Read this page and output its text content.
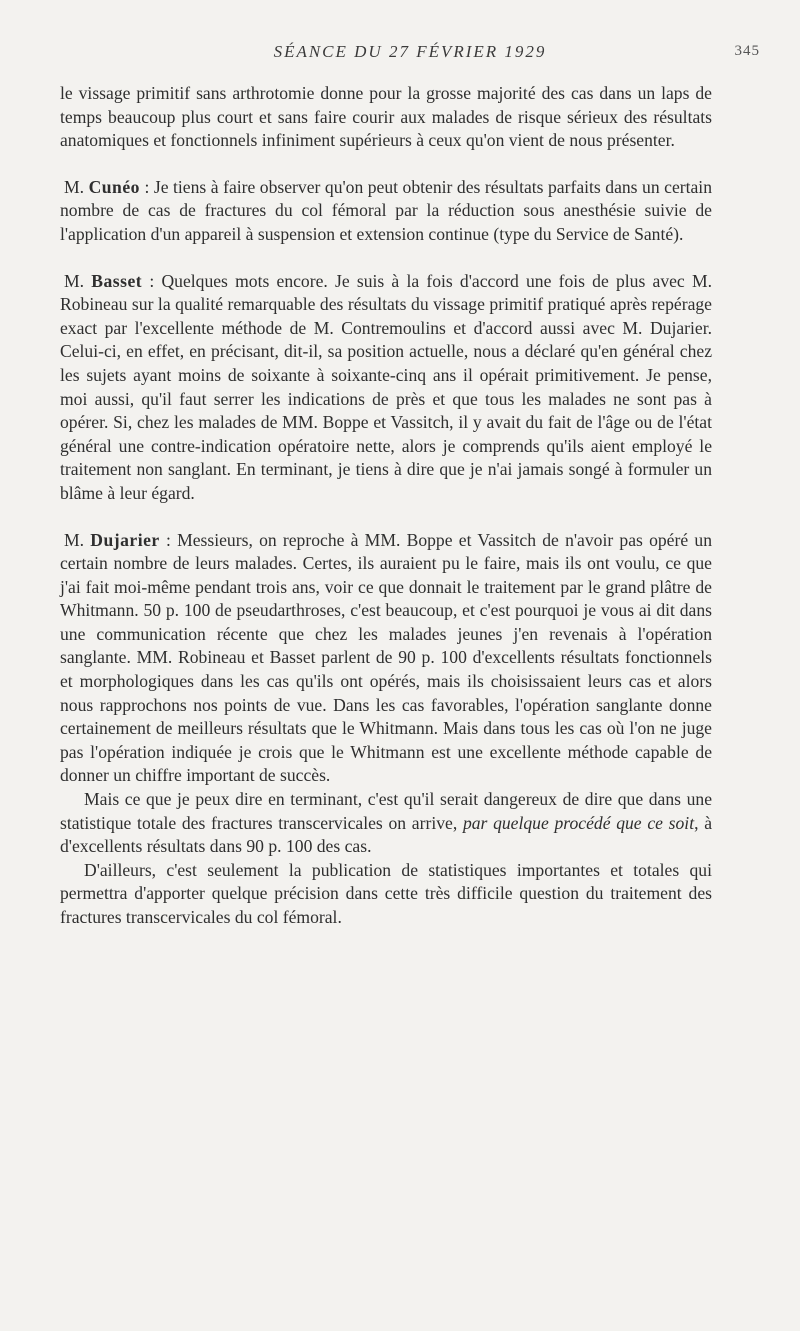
SÉANCE DU 27 FÉVRIER 1929	345

le vissage primitif sans arthrotomie donne pour la grosse majorité des cas dans un laps de temps beaucoup plus court et sans faire courir aux malades de risque sérieux des résultats anatomiques et fonctionnels infiniment supérieurs à ceux qu'on vient de nous présenter.

M. Cunéo : Je tiens à faire observer qu'on peut obtenir des résultats parfaits dans un certain nombre de cas de fractures du col fémoral par la réduction sous anesthésie suivie de l'application d'un appareil à suspension et extension continue (type du Service de Santé).

M. Basset : Quelques mots encore. Je suis à la fois d'accord une fois de plus avec M. Robineau sur la qualité remarquable des résultats du vissage primitif pratiqué après repérage exact par l'excellente méthode de M. Contremoulins et d'accord aussi avec M. Dujarier. Celui-ci, en effet, en précisant, dit-il, sa position actuelle, nous a déclaré qu'en général chez les sujets ayant moins de soixante à soixante-cinq ans il opérait primitivement. Je pense, moi aussi, qu'il faut serrer les indications de près et que tous les malades ne sont pas à opérer. Si, chez les malades de MM. Boppe et Vassitch, il y avait du fait de l'âge ou de l'état général une contre-indication opératoire nette, alors je comprends qu'ils aient employé le traitement non sanglant. En terminant, je tiens à dire que je n'ai jamais songé à formuler un blâme à leur égard.

M. Dujarier : Messieurs, on reproche à MM. Boppe et Vassitch de n'avoir pas opéré un certain nombre de leurs malades. Certes, ils auraient pu le faire, mais ils ont voulu, ce que j'ai fait moi-même pendant trois ans, voir ce que donnait le traitement par le grand plâtre de Whitmann. 50 p. 100 de pseudarthroses, c'est beaucoup, et c'est pourquoi je vous ai dit dans une communication récente que chez les malades jeunes j'en revenais à l'opération sanglante. MM. Robineau et Basset parlent de 90 p. 100 d'excellents résultats fonctionnels et morphologiques dans les cas qu'ils ont opérés, mais ils choisissaient leurs cas et alors nous rapprochons nos points de vue. Dans les cas favorables, l'opération sanglante donne certainement de meilleurs résultats que le Whitmann. Mais dans tous les cas où l'on ne juge pas l'opération indiquée je crois que le Whitmann est une excellente méthode capable de donner un chiffre important de succès.

Mais ce que je peux dire en terminant, c'est qu'il serait dangereux de dire que dans une statistique totale des fractures transcervicales on arrive, par quelque procédé que ce soit, à d'excellents résultats dans 90 p. 100 des cas.

D'ailleurs, c'est seulement la publication de statistiques importantes et totales qui permettra d'apporter quelque précision dans cette très difficile question du traitement des fractures transcervicales du col fémoral.
